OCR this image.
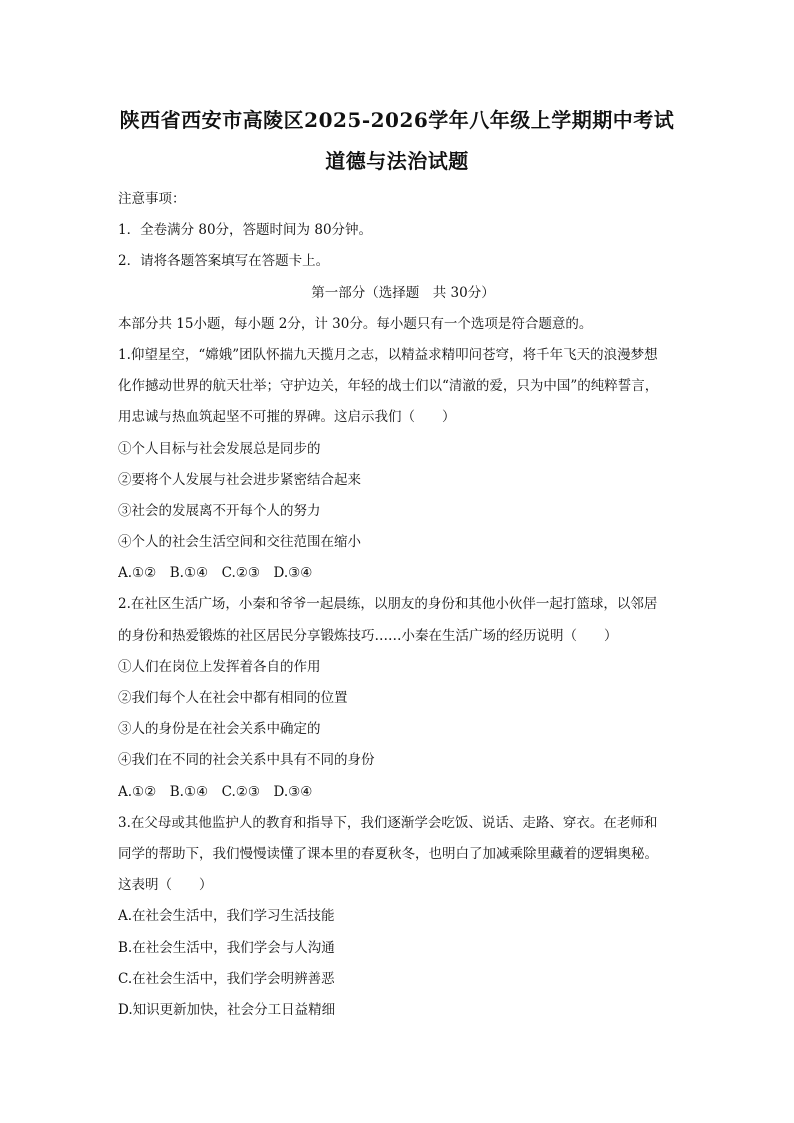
陕西省西安市高陵区2025-2026学年八年级上学期期中考试
道德与法治试题
注意事项：
1．全卷满分 80分，答题时间为 80分钟。
2．请将各题答案填写在答题卡上。
第一部分（选择题　共 30分）
本部分共 15小题，每小题 2分，计 30分。每小题只有一个选项是符合题意的。
1.仰望星空，“嫦娥”团队怀揣九天揽月之志，以精益求精叩问苍穹，将千年飞天的浪漫梦想
化作撼动世界的航天壮举；守护边关，年轻的战士们以“清澈的爱，只为中国”的纯粹誓言，
用忠诚与热血筑起坚不可摧的界碑。这启示我们（　　）
①个人目标与社会发展总是同步的
②要将个人发展与社会进步紧密结合起来
③社会的发展离不开每个人的努力
④个人的社会生活空间和交往范围在缩小
A.①②　B.①④　C.②③　D.③④
2.在社区生活广场，小秦和爷爷一起晨练，以朋友的身份和其他小伙伴一起打篮球，以邻居
的身份和热爱锻炼的社区居民分享锻炼技巧……小秦在生活广场的经历说明（　　）
①人们在岗位上发挥着各自的作用
②我们每个人在社会中都有相同的位置
③人的身份是在社会关系中确定的
④我们在不同的社会关系中具有不同的身份
A.①②　B.①④　C.②③　D.③④
3.在父母或其他监护人的教育和指导下，我们逐渐学会吃饭、说话、走路、穿衣。在老师和
同学的帮助下，我们慢慢读懂了课本里的春夏秋冬，也明白了加减乘除里藏着的逻辑奥秘。
这表明（　　）
A.在社会生活中，我们学习生活技能
B.在社会生活中，我们学会与人沟通
C.在社会生活中，我们学会明辨善恶
D.知识更新加快，社会分工日益精细
